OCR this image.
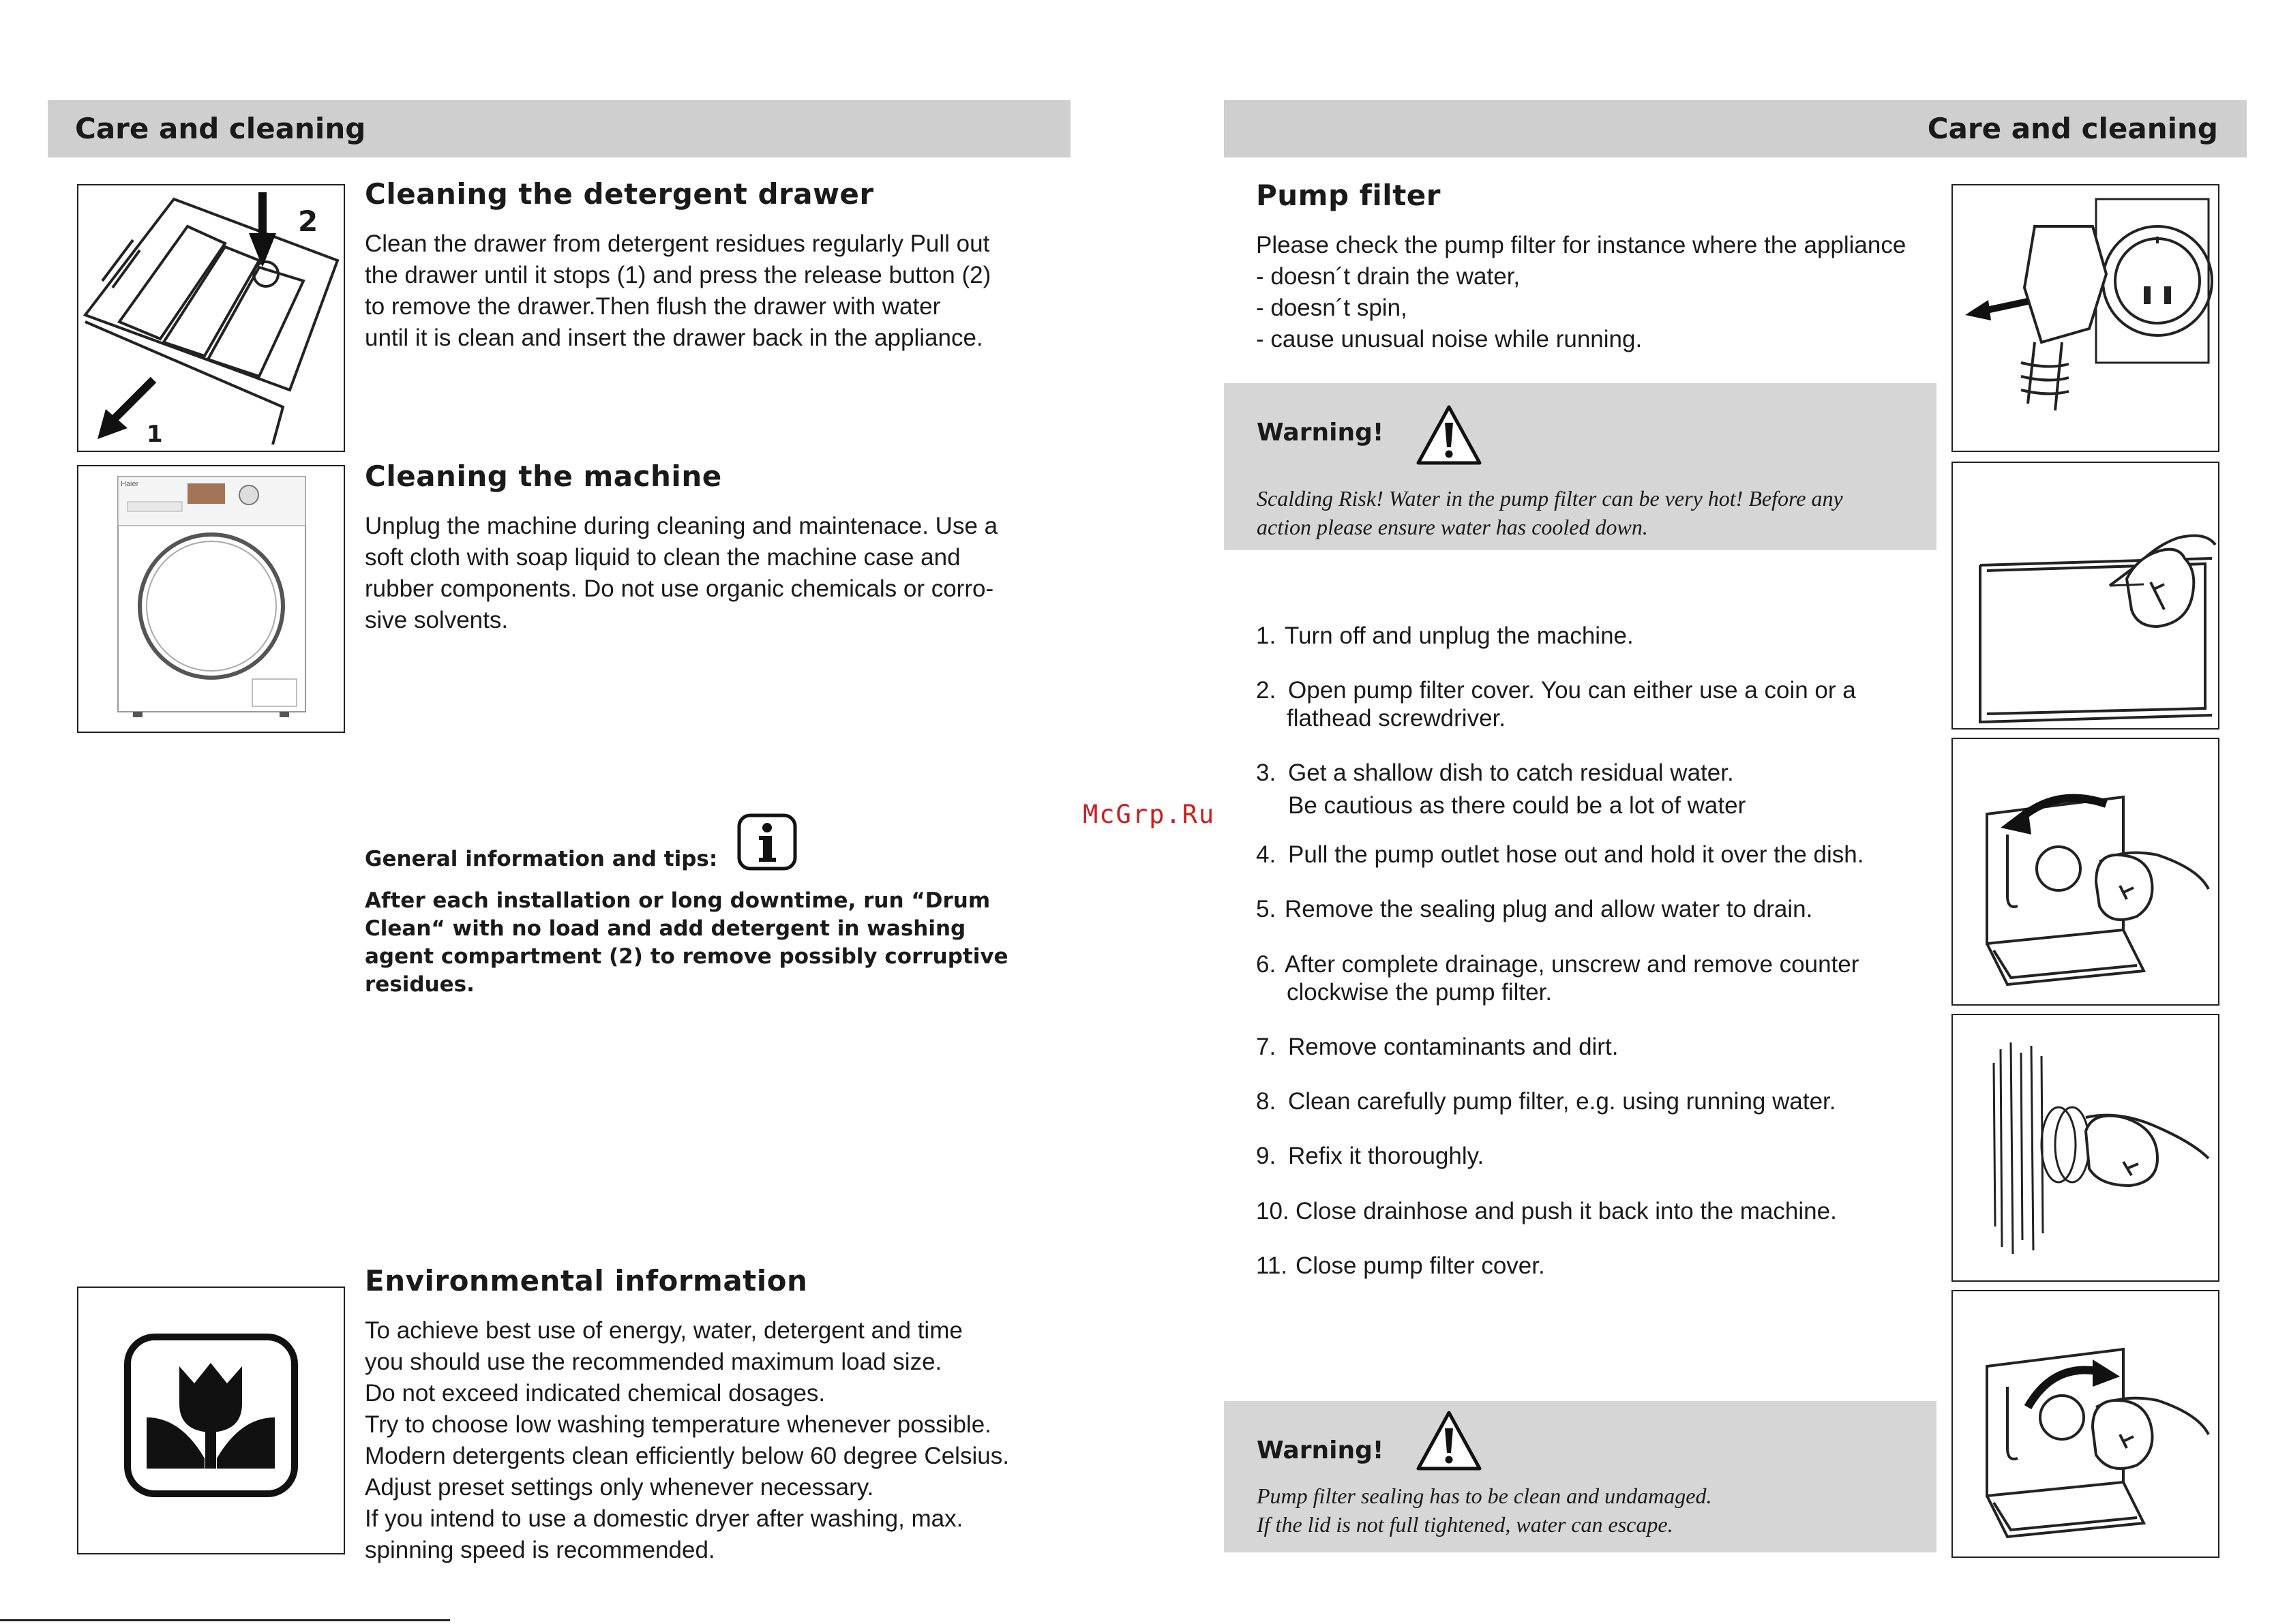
Care and cleaning
2
1
Cleaning the detergent drawer
Clean the drawer from detergent residues regularly Pull out
the drawer until it stops (1) and press the release button (2)
to remove the drawer.Then flush the drawer with water
until it is clean and insert the drawer back in the appliance.
Haier	Cleaning the machine
Unplug the machine during cleaning and maintenace. Use a
soft cloth with soap liquid to clean the machine case and
rubber components. Do not use organic chemicals or corro-
sive solvents.
General information and tips:
After each installation or long downtime, run “Drum
Clean“ with no load and add detergent in washing
agent compartment (2) to remove possibly corruptive
residues.
Environmental information
To achieve best use of energy, water, detergent and time
you should use the recommended maximum load size.
Do not exceed indicated chemical dosages.
Try to choose low washing temperature whenever possible.
Modern detergents clean efficiently below 60 degree Celsius.
Adjust preset settings only whenever necessary.
If you intend to use a domestic dryer after washing, max.
spinning speed is recommended.
McGrp.Ru
Care and cleaning
Pump filter
Please check the pump filter for instance where the appliance
- doesn´t drain the water,
- doesn´t spin,
- cause unusual noise while running.
Warning!
Scalding Risk! Water in the pump filter can be very hot! Before any
action please ensure water has cooled down.
1. Turn off and unplug the machine.
2. Open pump filter cover. You can either use a coin or a
flathead screwdriver.
3. Get a shallow dish to catch residual water.
Be cautious as there could be a lot of water
4. Pull the pump outlet hose out and hold it over the dish.
5. Remove the sealing plug and allow water to drain.
6. After complete drainage, unscrew and remove counter
clockwise the pump filter.
7. Remove contaminants and dirt.
8. Clean carefully pump filter, e.g. using running water.
9. Refix it thoroughly.
10. Close drainhose and push it back into the machine.
11. Close pump filter cover.
Warning!
Pump filter sealing has to be clean and undamaged.
If the lid is not full tightened, water can escape.
